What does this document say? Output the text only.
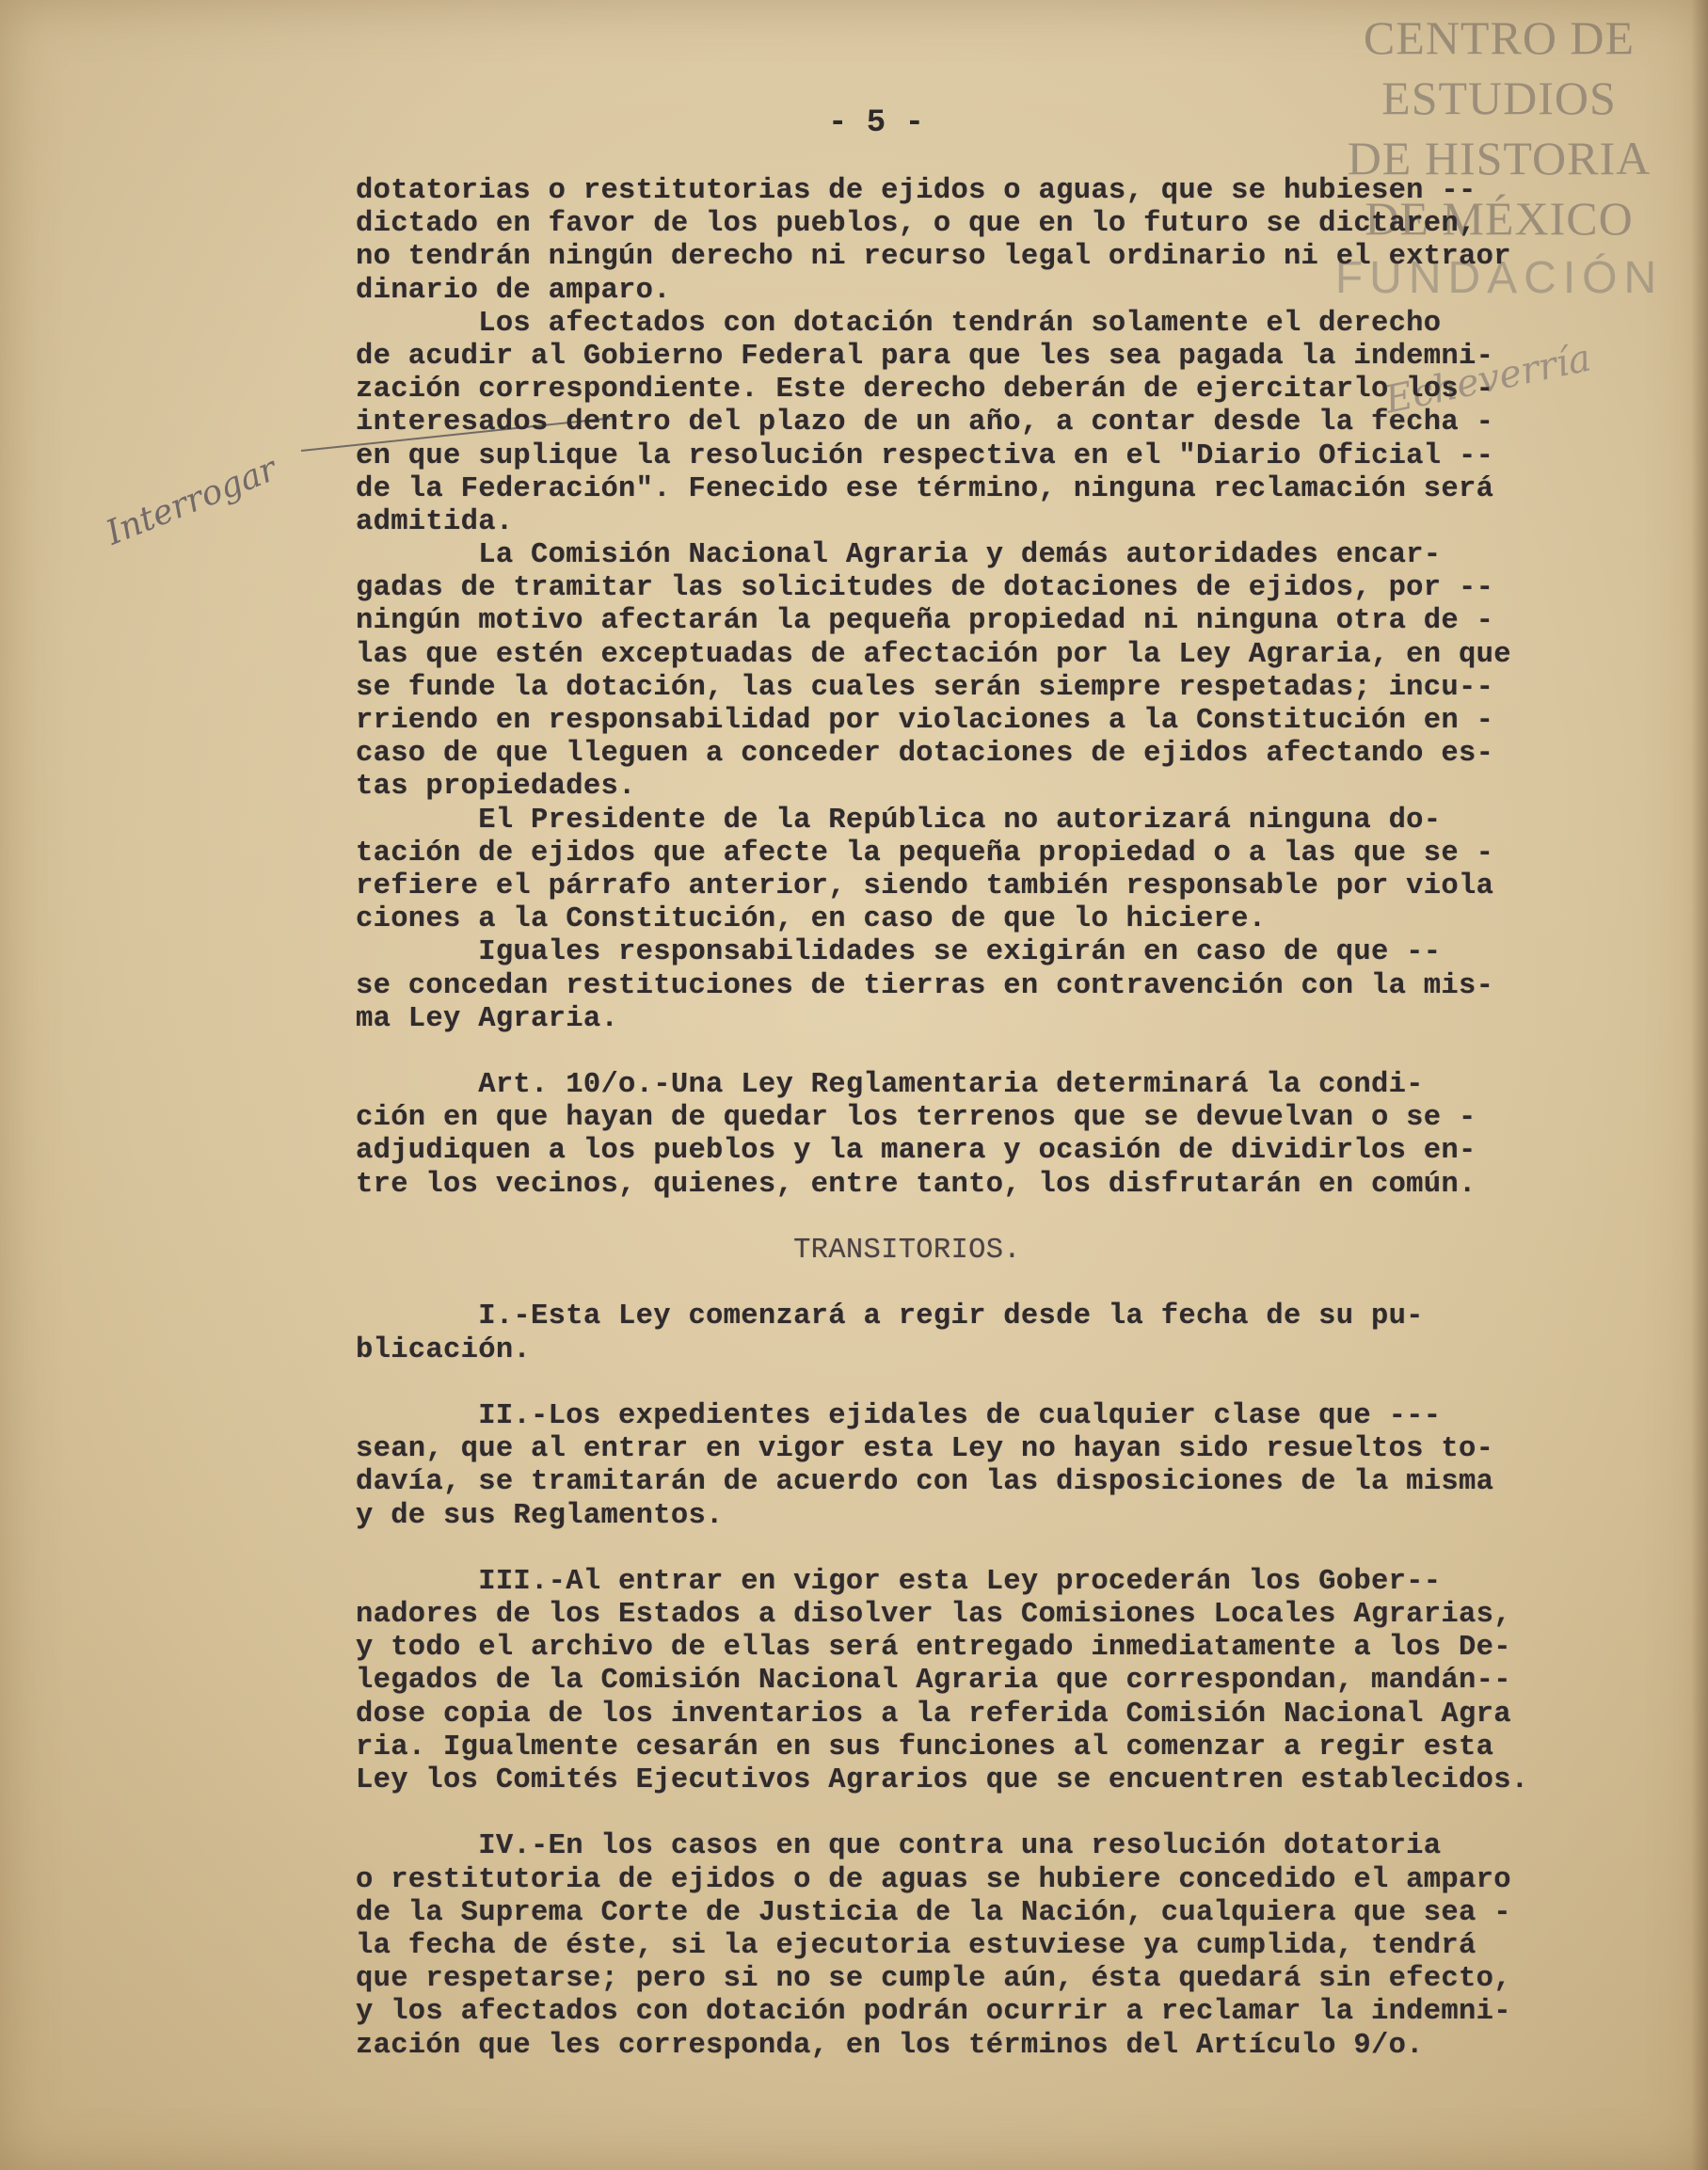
CENTRO DE
ESTUDIOS
DE HISTORIA
DE MÉXICO
FUNDACIÓN
- 5 -
Echeverría
Interrogar
dotatorias o restitutorias de ejidos o aguas, que se hubiesen --
dictado en favor de los pueblos, o que en lo futuro se dictaren,
no tendrán ningún derecho ni recurso legal ordinario ni el extraor
dinario de amparo.
Los afectados con dotación tendrán solamente el derecho
de acudir al Gobierno Federal para que les sea pagada la indemni-
zación correspondiente. Este derecho deberán de ejercitarlo los -
interesados dentro del plazo de un año, a contar desde la fecha -
en que suplique la resolución respectiva en el "Diario Oficial --
de la Federación". Fenecido ese término, ninguna reclamación será
admitida.
La Comisión Nacional Agraria y demás autoridades encar-
gadas de tramitar las solicitudes de dotaciones de ejidos, por --
ningún motivo afectarán la pequeña propiedad ni ninguna otra de -
las que estén exceptuadas de afectación por la Ley Agraria, en que
se funde la dotación, las cuales serán siempre respetadas; incu--
rriendo en responsabilidad por violaciones a la Constitución en -
caso de que lleguen a conceder dotaciones de ejidos afectando es-
tas propiedades.
El Presidente de la República no autorizará ninguna do-
tación de ejidos que afecte la pequeña propiedad o a las que se -
refiere el párrafo anterior, siendo también responsable por viola
ciones a la Constitución, en caso de que lo hiciere.
Iguales responsabilidades se exigirán en caso de que --
se concedan restituciones de tierras en contravención con la mis-
ma Ley Agraria.
Art. 10/o.-Una Ley Reglamentaria determinará la condi-
ción en que hayan de quedar los terrenos que se devuelvan o se -
adjudiquen a los pueblos y la manera y ocasión de dividirlos en-
tre los vecinos, quienes, entre tanto, los disfrutarán en común.
TRANSITORIOS.
I.-Esta Ley comenzará a regir desde la fecha de su pu-
blicación.
II.-Los expedientes ejidales de cualquier clase que ---
sean, que al entrar en vigor esta Ley no hayan sido resueltos to-
davía, se tramitarán de acuerdo con las disposiciones de la misma
y de sus Reglamentos.
III.-Al entrar en vigor esta Ley procederán los Gober--
nadores de los Estados a disolver las Comisiones Locales Agrarias,
y todo el archivo de ellas será entregado inmediatamente a los De-
legados de la Comisión Nacional Agraria que correspondan, mandán--
dose copia de los inventarios a la referida Comisión Nacional Agra
ria. Igualmente cesarán en sus funciones al comenzar a regir esta
Ley los Comités Ejecutivos Agrarios que se encuentren establecidos.
IV.-En los casos en que contra una resolución dotatoria
o restitutoria de ejidos o de aguas se hubiere concedido el amparo
de la Suprema Corte de Justicia de la Nación, cualquiera que sea -
la fecha de éste, si la ejecutoria estuviese ya cumplida, tendrá
que respetarse; pero si no se cumple aún, ésta quedará sin efecto,
y los afectados con dotación podrán ocurrir a reclamar la indemni-
zación que les corresponda, en los términos del Artículo 9/o.
